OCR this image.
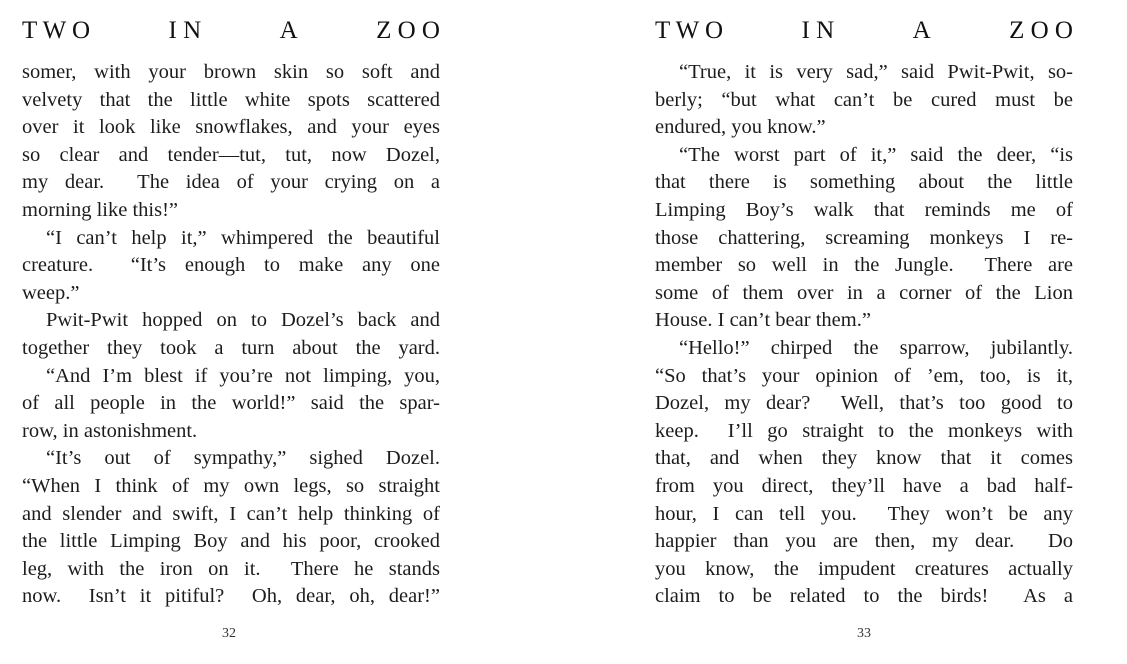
T W O	I N	A	Z O O
somer, with your brown skin so soft and
velvety that the little white spots scattered
over it look like snowflakes, and your eyes
so clear and tender—tut, tut, now Dozel,
my dear.  The idea of your crying on a
morning like this!”
“I can’t help it,” whimpered the beautiful
creature.  “It’s enough to make any one
weep.”
Pwit-Pwit hopped on to Dozel’s back and
together they took a turn about the yard.
“And I’m blest if you’re not limping, you,
of all people in the world!” said the spar-
row, in astonishment.
“It’s out of sympathy,” sighed Dozel.
“When I think of my own legs, so straight
and slender and swift, I can’t help thinking of
the little Limping Boy and his poor, crooked
leg, with the iron on it.  There he stands
now.  Isn’t it pitiful?  Oh, dear, oh, dear!”
32
T W O	I N	A	Z O O
“True, it is very sad,” said Pwit-Pwit, so-
berly; “but what can’t be cured must be
endured, you know.”
“The worst part of it,” said the deer, “is
that there is something about the little
Limping Boy’s walk that reminds me of
those chattering, screaming monkeys I re-
member so well in the Jungle.  There are
some of them over in a corner of the Lion
House. I can’t bear them.”
“Hello!” chirped the sparrow, jubilantly.
“So that’s your opinion of ’em, too, is it,
Dozel, my dear?  Well, that’s too good to
keep.  I’ll go straight to the monkeys with
that, and when they know that it comes
from you direct, they’ll have a bad half-
hour, I can tell you.  They won’t be any
happier than you are then, my dear.  Do
you know, the impudent creatures actually
claim to be related to the birds!  As a
33
